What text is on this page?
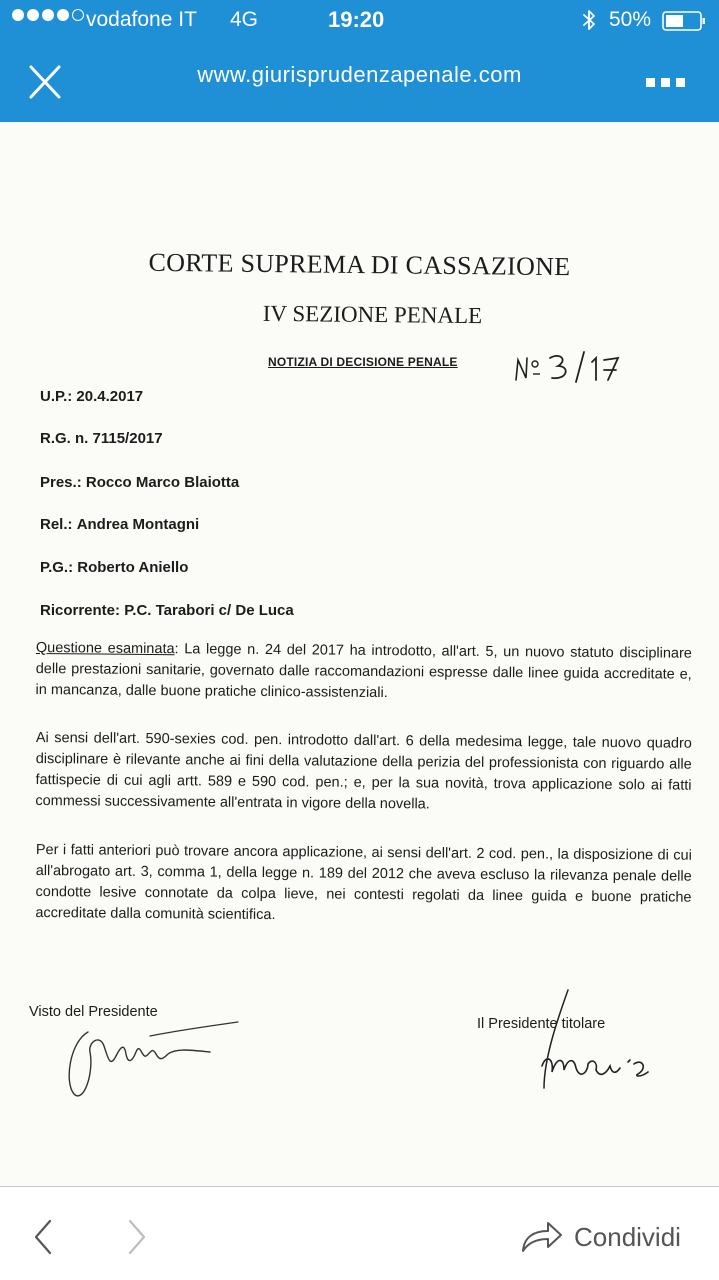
vodafone IT 4G	19:20	50%
www.giurisprudenzapenale.com
CORTE SUPREMA DI CASSAZIONE
IV SEZIONE PENALE
NOTIZIA DI DECISIONE PENALE
U.P.: 20.4.2017
R.G. n. 7115/2017
Pres.: Rocco Marco Blaiotta
Rel.: Andrea Montagni
P.G.: Roberto Aniello
Ricorrente: P.C. Tarabori c/ De Luca
Questione esaminata: La legge n. 24 del 2017 ha introdotto, all'art. 5, un nuovo statuto disciplinare delle prestazioni sanitarie, governato dalle raccomandazioni espresse dalle linee guida accreditate e, in mancanza, dalle buone pratiche clinico-assistenziali.
Ai sensi dell'art. 590-sexies cod. pen. introdotto dall'art. 6 della medesima legge, tale nuovo quadro disciplinare è rilevante anche ai fini della valutazione della perizia del professionista con riguardo alle fattispecie di cui agli artt. 589 e 590 cod. pen.; e, per la sua novità, trova applicazione solo ai fatti commessi successivamente all'entrata in vigore della novella.
Per i fatti anteriori può trovare ancora applicazione, ai sensi dell'art. 2 cod. pen., la disposizione di cui all'abrogato art. 3, comma 1, della legge n. 189 del 2012 che aveva escluso la rilevanza penale delle condotte lesive connotate da colpa lieve, nei contesti regolati da linee guida e buone pratiche accreditate dalla comunità scientifica.
Visto del Presidente
Il Presidente titolare
Condividi
